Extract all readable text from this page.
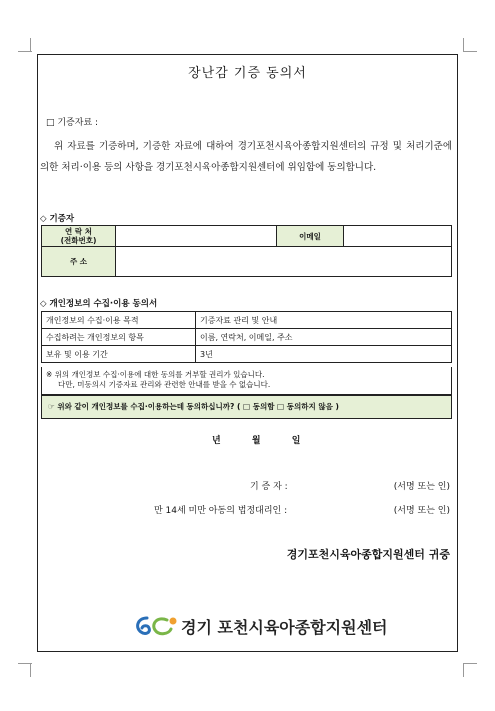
장난감 기증 동의서
□ 기증자료 :
위 자료를 기증하며, 기증한 자료에 대하여 경기포천시육아종합지원센터의 규정 및 처리기준에 의한 처리·이용 등의 사항을 경기포천시육아종합지원센터에 위임함에 동의합니다.
◇ 기증자
연 락 처
(전화번호)		이메일	
주 소			
◇ 개인정보의 수집·이용 동의서
개인정보의 수집·이용 목적	기증자료 관리 및 안내
수집하려는 개인정보의 항목	이름, 연락처, 이메일, 주소
보유 및 이용 기간	3년
※ 위의 개인정보 수집·이용에 대한 동의를 거부할 권리가 있습니다.
다만, 미동의시 기증자료 관리와 관련한 안내를 받을 수 없습니다.
☞ 위와 같이 개인정보를 수집·이용하는데 동의하십니까? ( □ 동의함 □ 동의하지 않음 )
년	월	일
기 증 자 :	(서명 또는 인)
만 14세 미만 아동의 법정대리인 :	(서명 또는 인)
경기포천시육아종합지원센터 귀중
경기 포천시육아종합지원센터
